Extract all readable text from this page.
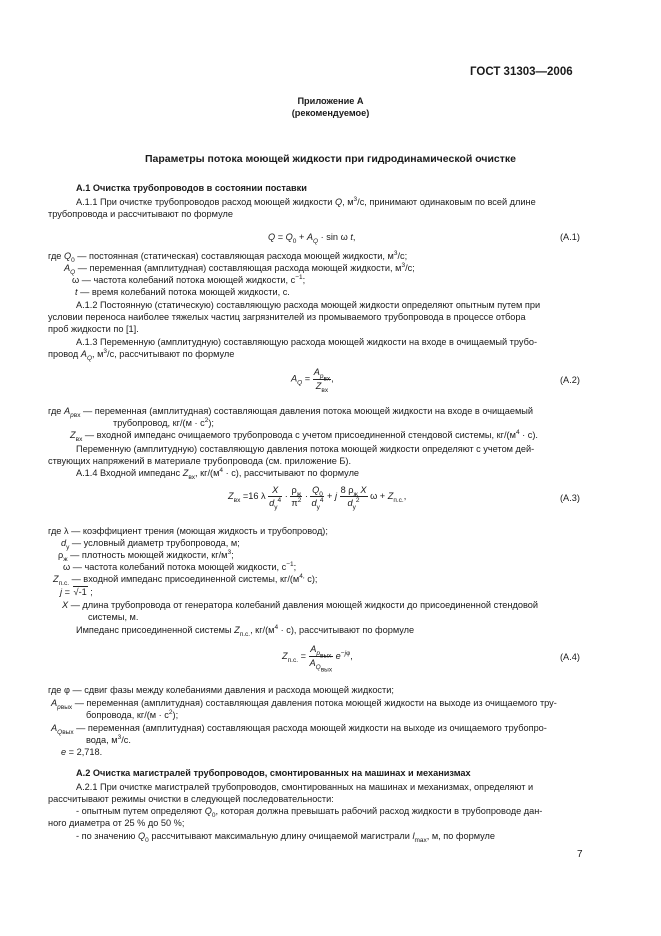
ГОСТ 31303—2006
Приложение А
(рекомендуемое)
Параметры потока моющей жидкости при гидродинамической очистке
А.1 Очистка трубопроводов в состоянии поставки
А.1.1 При очистке трубопроводов расход моющей жидкости Q, $м^3/с$, принимают одинаковым по всей длине
трубопровода и рассчитывают по формуле
$Q = Q_0 + A_Q \cdot \sin \omega$ t,	(А.1)
где $Q_0$ — постоянная (статическая) составляющая расхода моющей жидкости, $м^3/с$;
$A_Q$ — переменная (амплитудная) составляющая расхода моющей жидкости, $м^3/с$;
ω — частота колебаний потока моющей жидкости, $с^{-1}$;
t — время колебаний потока моющей жидкости, с.
А.1.2 Постоянную (статическую) составляющую расхода моющей жидкости определяют опытным путем при
условии переноса наиболее тяжелых частиц загрязнителей из промываемого трубопровода в процессе отбора
проб жидкости по [1].
А.1.3 Переменную (амплитудную) составляющую расхода моющей жидкости на входе в очищаемый трубо-
провод $A_Q$, $м^3/с$, рассчитывают по формуле
$A_Q = \frac{A_{p_{вх}}}{Z_{вх}}$ ,	(А.2)
где $A_{pвх}$ — переменная (амплитудная) составляющая давления потока моющей жидкости на входе в очищаемый
трубопровод, $кг/(м \cdot с^2)$;
$Z_{вх}$ — входной импеданс очищаемого трубопровода с учетом присоединенной стендовой системы, $кг/(м^4 \cdot с)$.
Переменную (амплитудную) составляющую давления потока моющей жидкости определяют с учетом дей-
ствующих напряжений в материале трубопровода (см. приложение Б).
А.1.4 Входной импеданс $Z_{вх}$, $кг/(м^4 \cdot с)$, рассчитывают по формуле
$Z_{вх} =16$ λ $\frac{X}{d_у^4} \cdot \frac{\rho_ж}{\pi^2} \cdot \frac{Q_0}{d_у^4} + j \frac{8 \rho_ж X}{d_у^2}$ $\omega + Z_{п.с.}$,	(А.3)
где λ — коэффициент трения (моющая жидкость и трубопровод);
$d_у$ — условный диаметр трубопровода, м;
$\rho_ж$ — плотность моющей жидкости, $кг/м^3$;
ω — частота колебаний потока моющей жидкости, $с^{-1}$;
$Z_{п.с.}$ — входной импеданс присоединенной системы, $кг/(м^{4,}$ с);
j = √-1 ;
X — длина трубопровода от генератора колебаний давления моющей жидкости до присоединенной стендовой
системы, м.
Импеданс присоединенной системы $Z_{п.с.}$, $кг/(м^4 \cdot с)$, рассчитывают по формуле
$Z_{п.с.} = \frac{A_{p_{вых}}}{A_{Q_{вых}}} e^{-j\varphi}$,	(А.4)
где φ — сдвиг фазы между колебаниями давления и расхода моющей жидкости;
$A_{pвых}$ — переменная (амплитудная) составляющая давления потока моющей жидкости на выходе из очищаемого тру-
бопровода, $кг/(м \cdot с^2)$;
$A_{Qвых}$ — переменная (амплитудная) составляющая расхода моющей жидкости на выходе из очищаемого трубопро-
вода, $м^3/с$.
е = 2,718.
А.2 Очистка магистралей трубопроводов, смонтированных на машинах и механизмах
А.2.1 При очистке магистралей трубопроводов, смонтированных на машинах и механизмах, определяют и
рассчитывают режимы очистки в следующей последовательности:
- опытным путем определяют $Q_0$, которая должна превышать рабочий расход жидкости в трубопроводе дан-
ного диаметра от 25 % до 50 %;
- по значению $Q_0$ рассчитывают максимальную длину очищаемой магистрали $l_{max}$, м, по формуле
7
